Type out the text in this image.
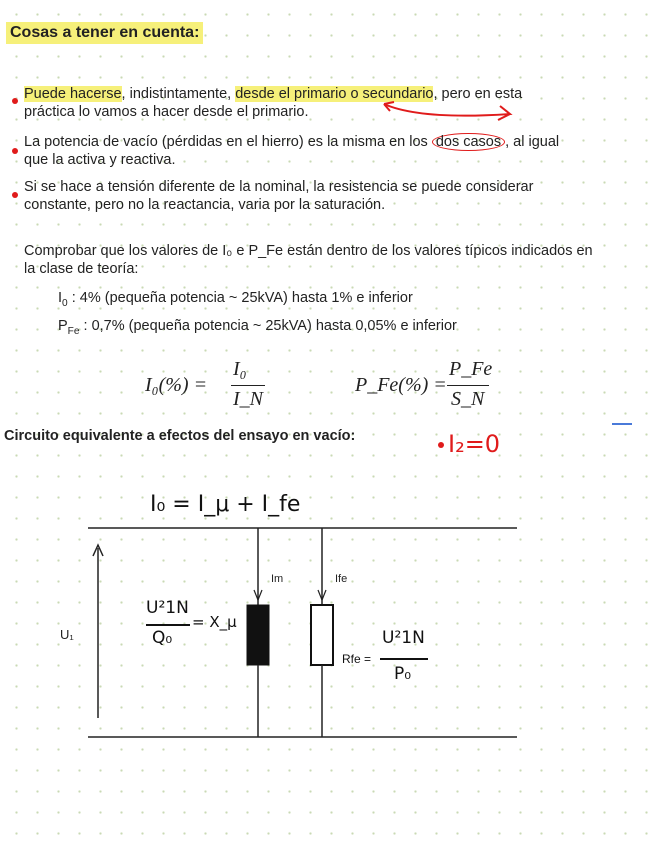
Cosas a tener en cuenta:
Puede hacerse, indistintamente, desde el primario o secundario, pero en esta
práctica lo vamos a hacer desde el primario.
La potencia de vacío (pérdidas en el hierro) es la misma en los dos casos , al igual
que la activa y reactiva.
Si se hace a tensión diferente de la nominal, la resistencia se puede considerar
constante, pero no la reactancia, varia por la saturación.
Comprobar que los valores de I₀ e P_Fe están dentro de los valores típicos indicados en
la clase de teoría:
$I_0$ : 4% (pequeña potencia ~ 25kVA) hasta 1% e inferior
$P_{Fe}$ : 0,7% (pequeña potencia ~ 25kVA) hasta 0,05% e inferior
I₀(%) =
I₀
I_N
P_Fe(%) =
P_Fe
S_N
Circuito equivalente a efectos del ensayo en vacío:	I₂=0
I₀ = I_μ + I_fe
U₁
Im	Ife
U²1N
Q₀
= X_μ
Rfe =
U²1N
P₀
